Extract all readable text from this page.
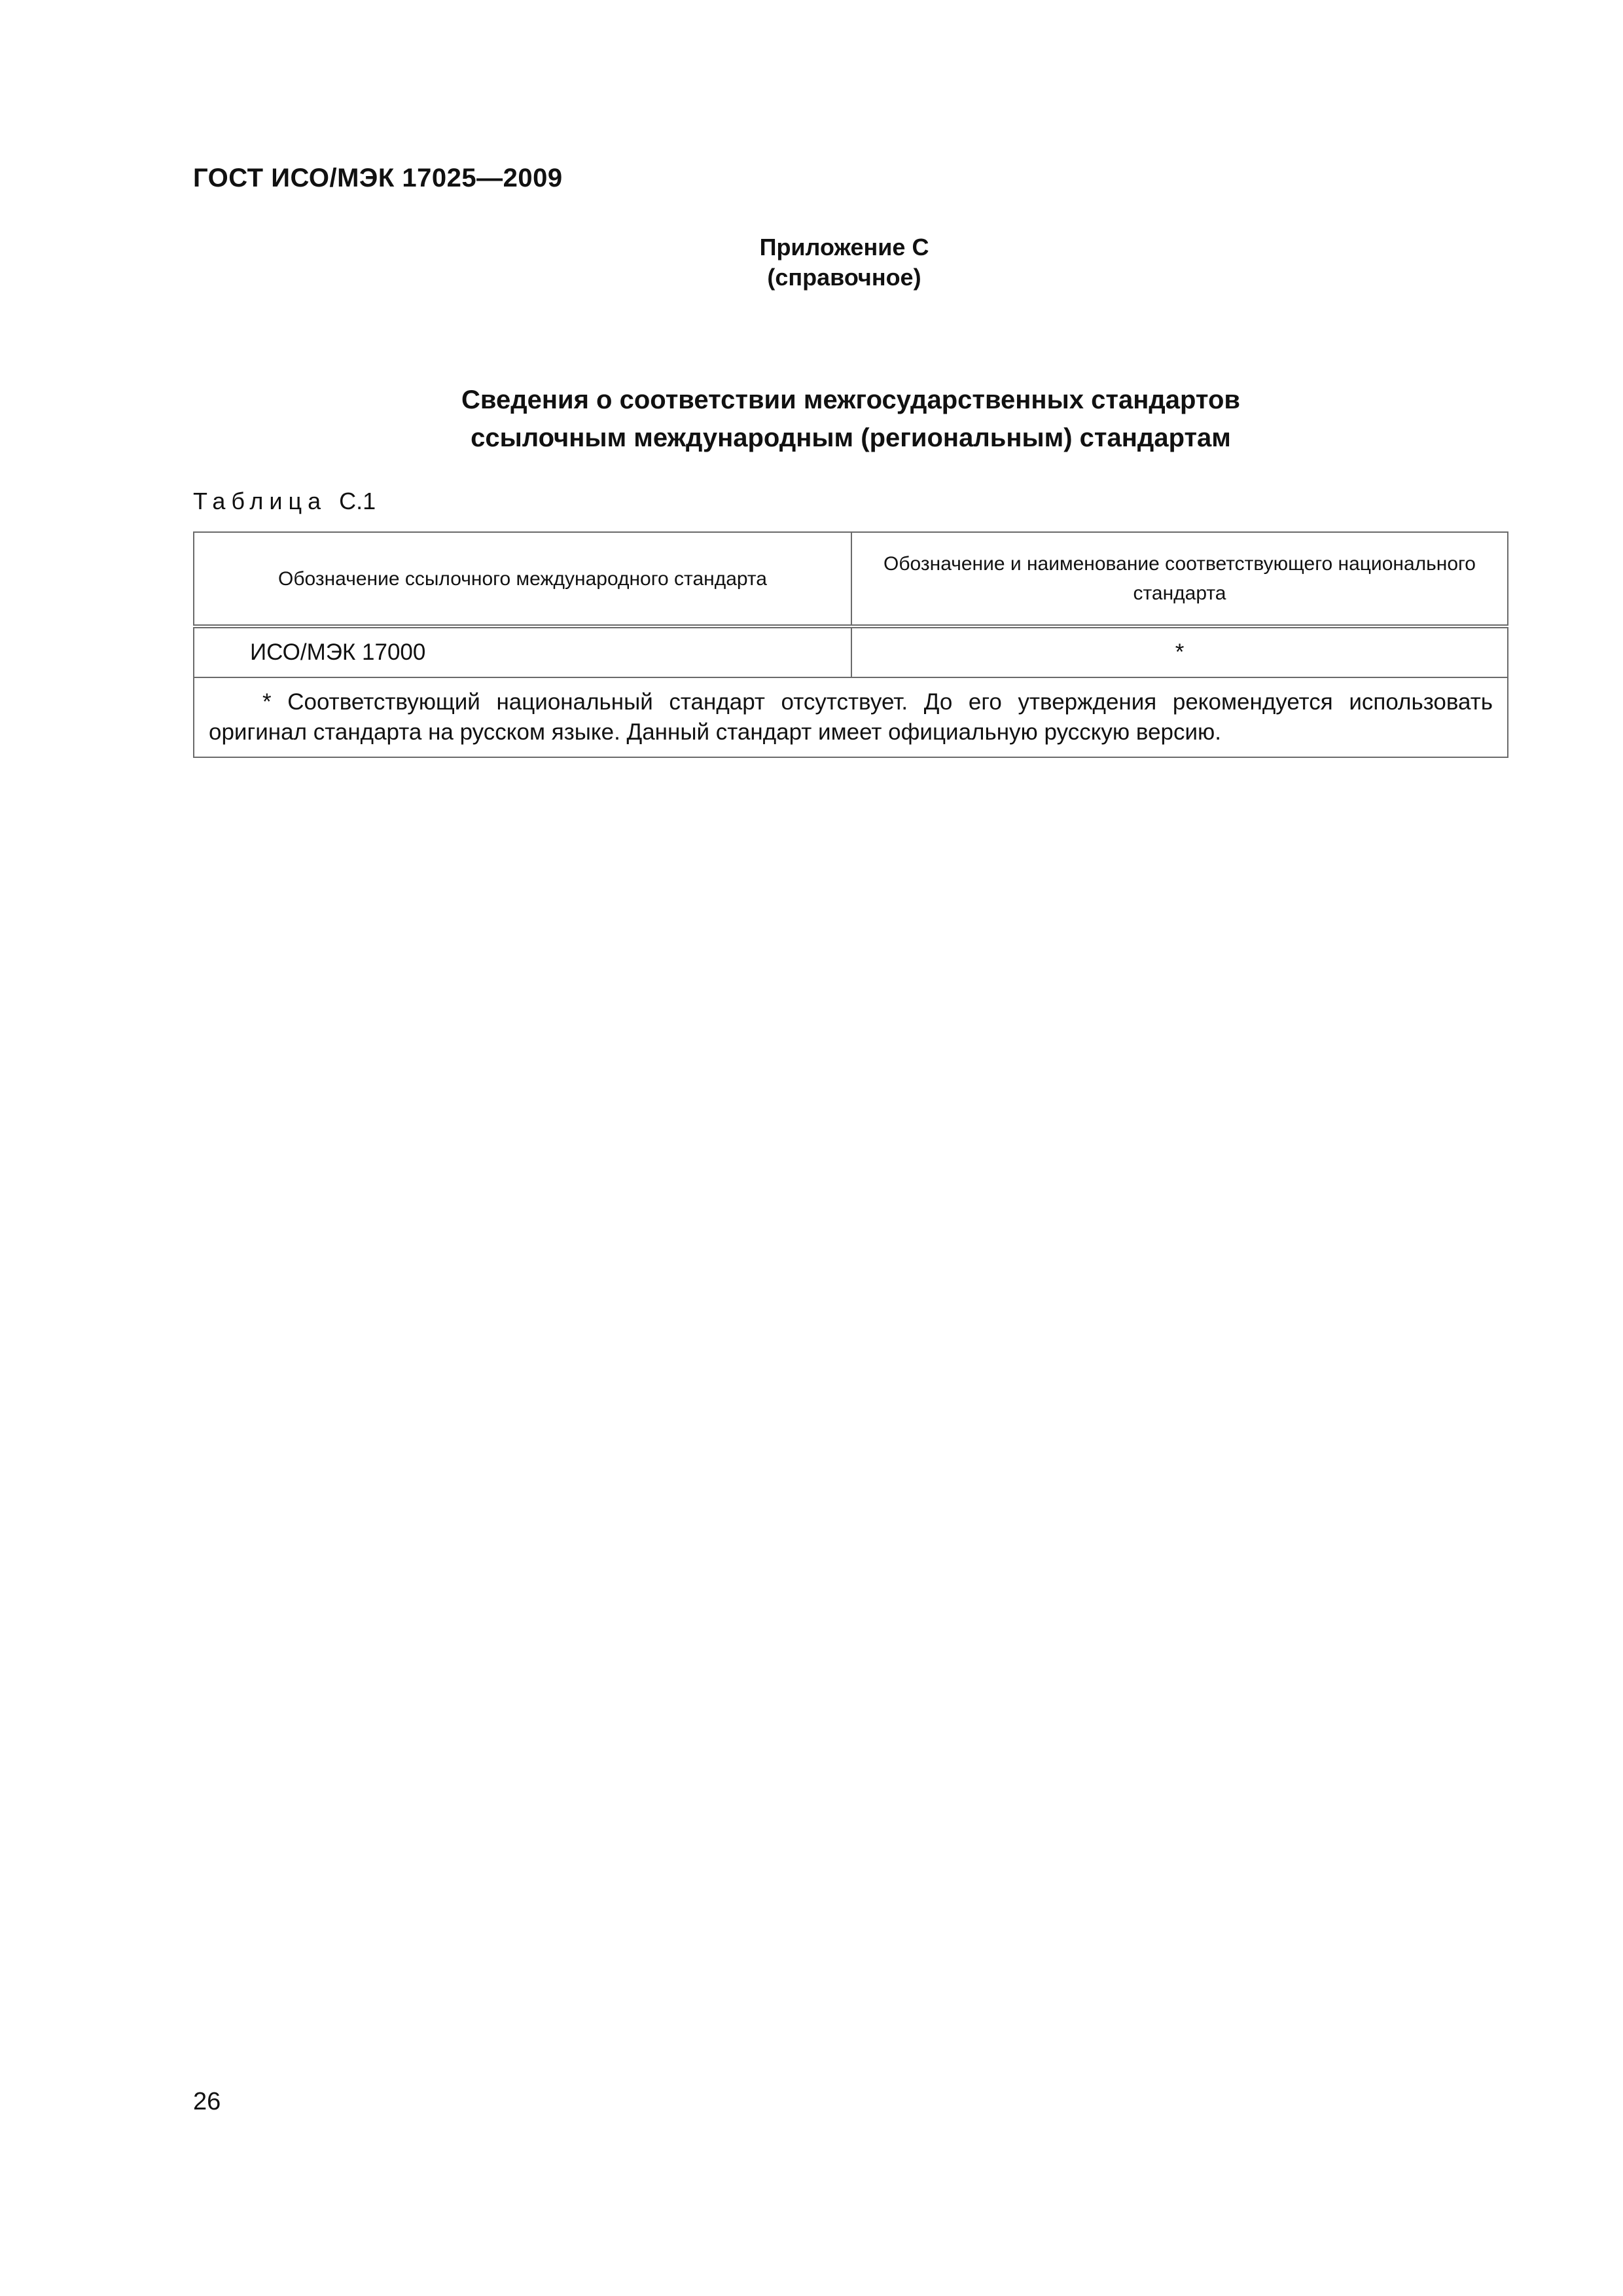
ГОСТ ИСО/МЭК 17025—2009
Приложение С
(справочное)
Сведения о соответствии межгосударственных стандартов
ссылочным международным (региональным) стандартам
Таблица С.1
Обозначение ссылочного международного стандарта	Обозначение и наименование соответствующего национального стандарта
ИСО/МЭК 17000	*
* Соответствующий национальный стандарт отсутствует. До его утверждения рекомендуется использовать оригинал стандарта на русском языке. Данный стандарт имеет официальную русскую версию.	
26
